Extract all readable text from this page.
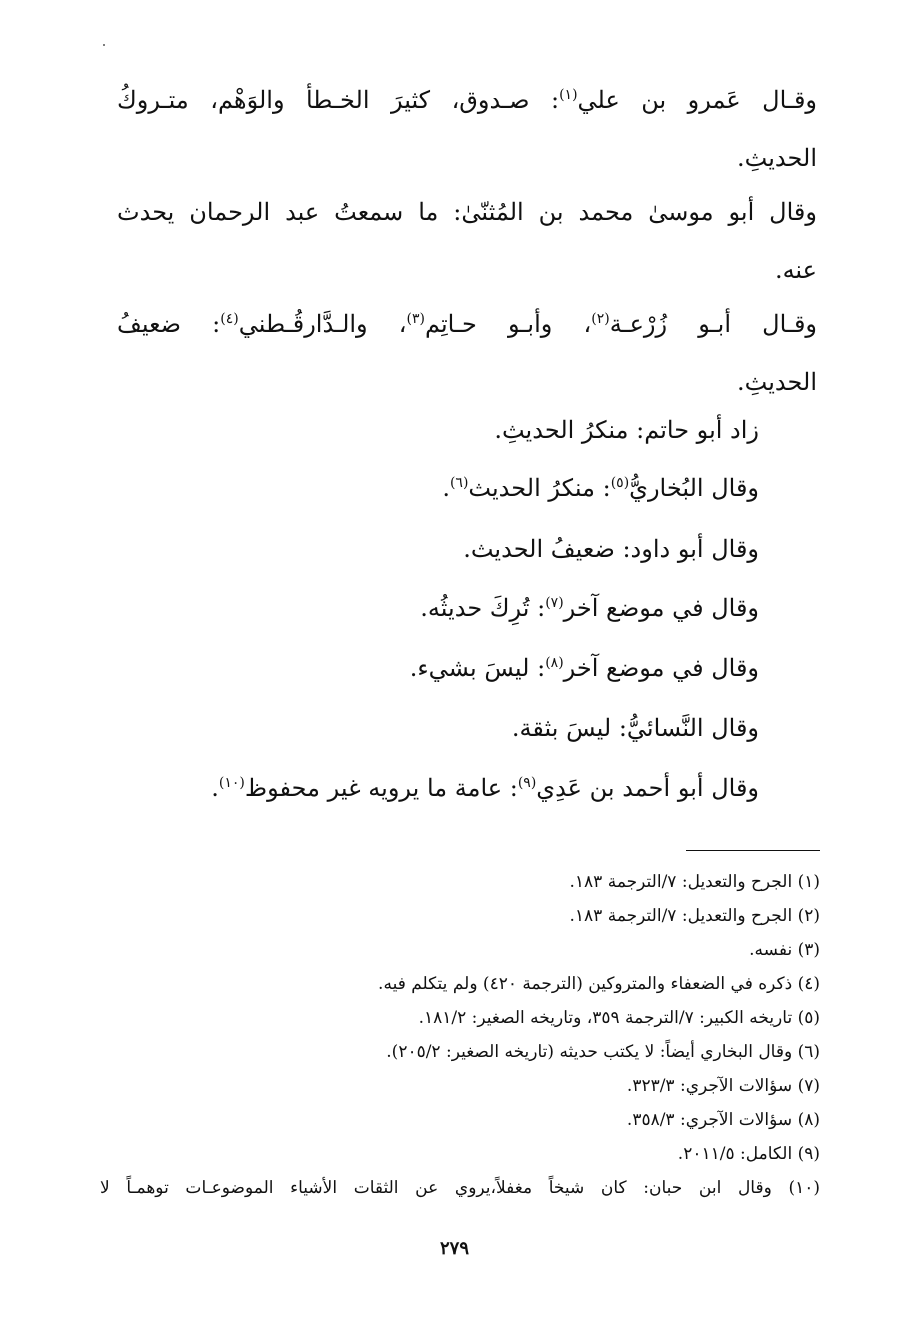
وقـال عَمرو بن علي$^{(١)}$: صـدوق، كثيرَ الخـطأ والوَهْم، متـروكُ
الحديثِ.
وقال أبو موسىٰ محمد بن المُثنّىٰ: ما سمعتُ عبد الرحمان يحدث
عنه.
وقـال أبـو زُرْعـة$^{(٢)}$، وأبـو حـاتِم$^{(٣)}$، والـدَّارقُـطني$^{(٤)}$: ضعيفُ
الحديثِ.
زاد أبو حاتم: منكرُ الحديثِ.
وقال البُخاريُّ$^{(٥)}$: منكرُ الحديث$^{(٦)}$.
وقال أبو داود: ضعيفُ الحديث.
وقال في موضع آخر$^{(٧)}$: تُرِكَ حديثُه.
وقال في موضع آخر$^{(٨)}$: ليسَ بشيء.
وقال النَّسائيُّ: ليسَ بثقة.
وقال أبو أحمد بن عَدِي$^{(٩)}$: عامة ما يرويه غير محفوظ$^{(١٠)}$.
(١) الجرح والتعديل: ٧/الترجمة ١٨٣.
(٢) الجرح والتعديل: ٧/الترجمة ١٨٣.
(٣) نفسه.
(٤) ذكره في الضعفاء والمتروكين (الترجمة ٤٢٠) ولم يتكلم فيه.
(٥) تاريخه الكبير: ٧/الترجمة ٣٥٩، وتاريخه الصغير: ١٨١/٢.
(٦) وقال البخاري أيضاً: لا يكتب حديثه (تاريخه الصغير: ٢٠٥/٢).
(٧) سؤالات الآجري: ٣٢٣/٣.
(٨) سؤالات الآجري: ٣٥٨/٣.
(٩) الكامل: ٢٠١١/٥.
(١٠) وقال ابن حبان: كان شيخاً مغفلاً،يروي عن الثقات الأشياء الموضوعـات توهمـاً لا
٢٧٩
